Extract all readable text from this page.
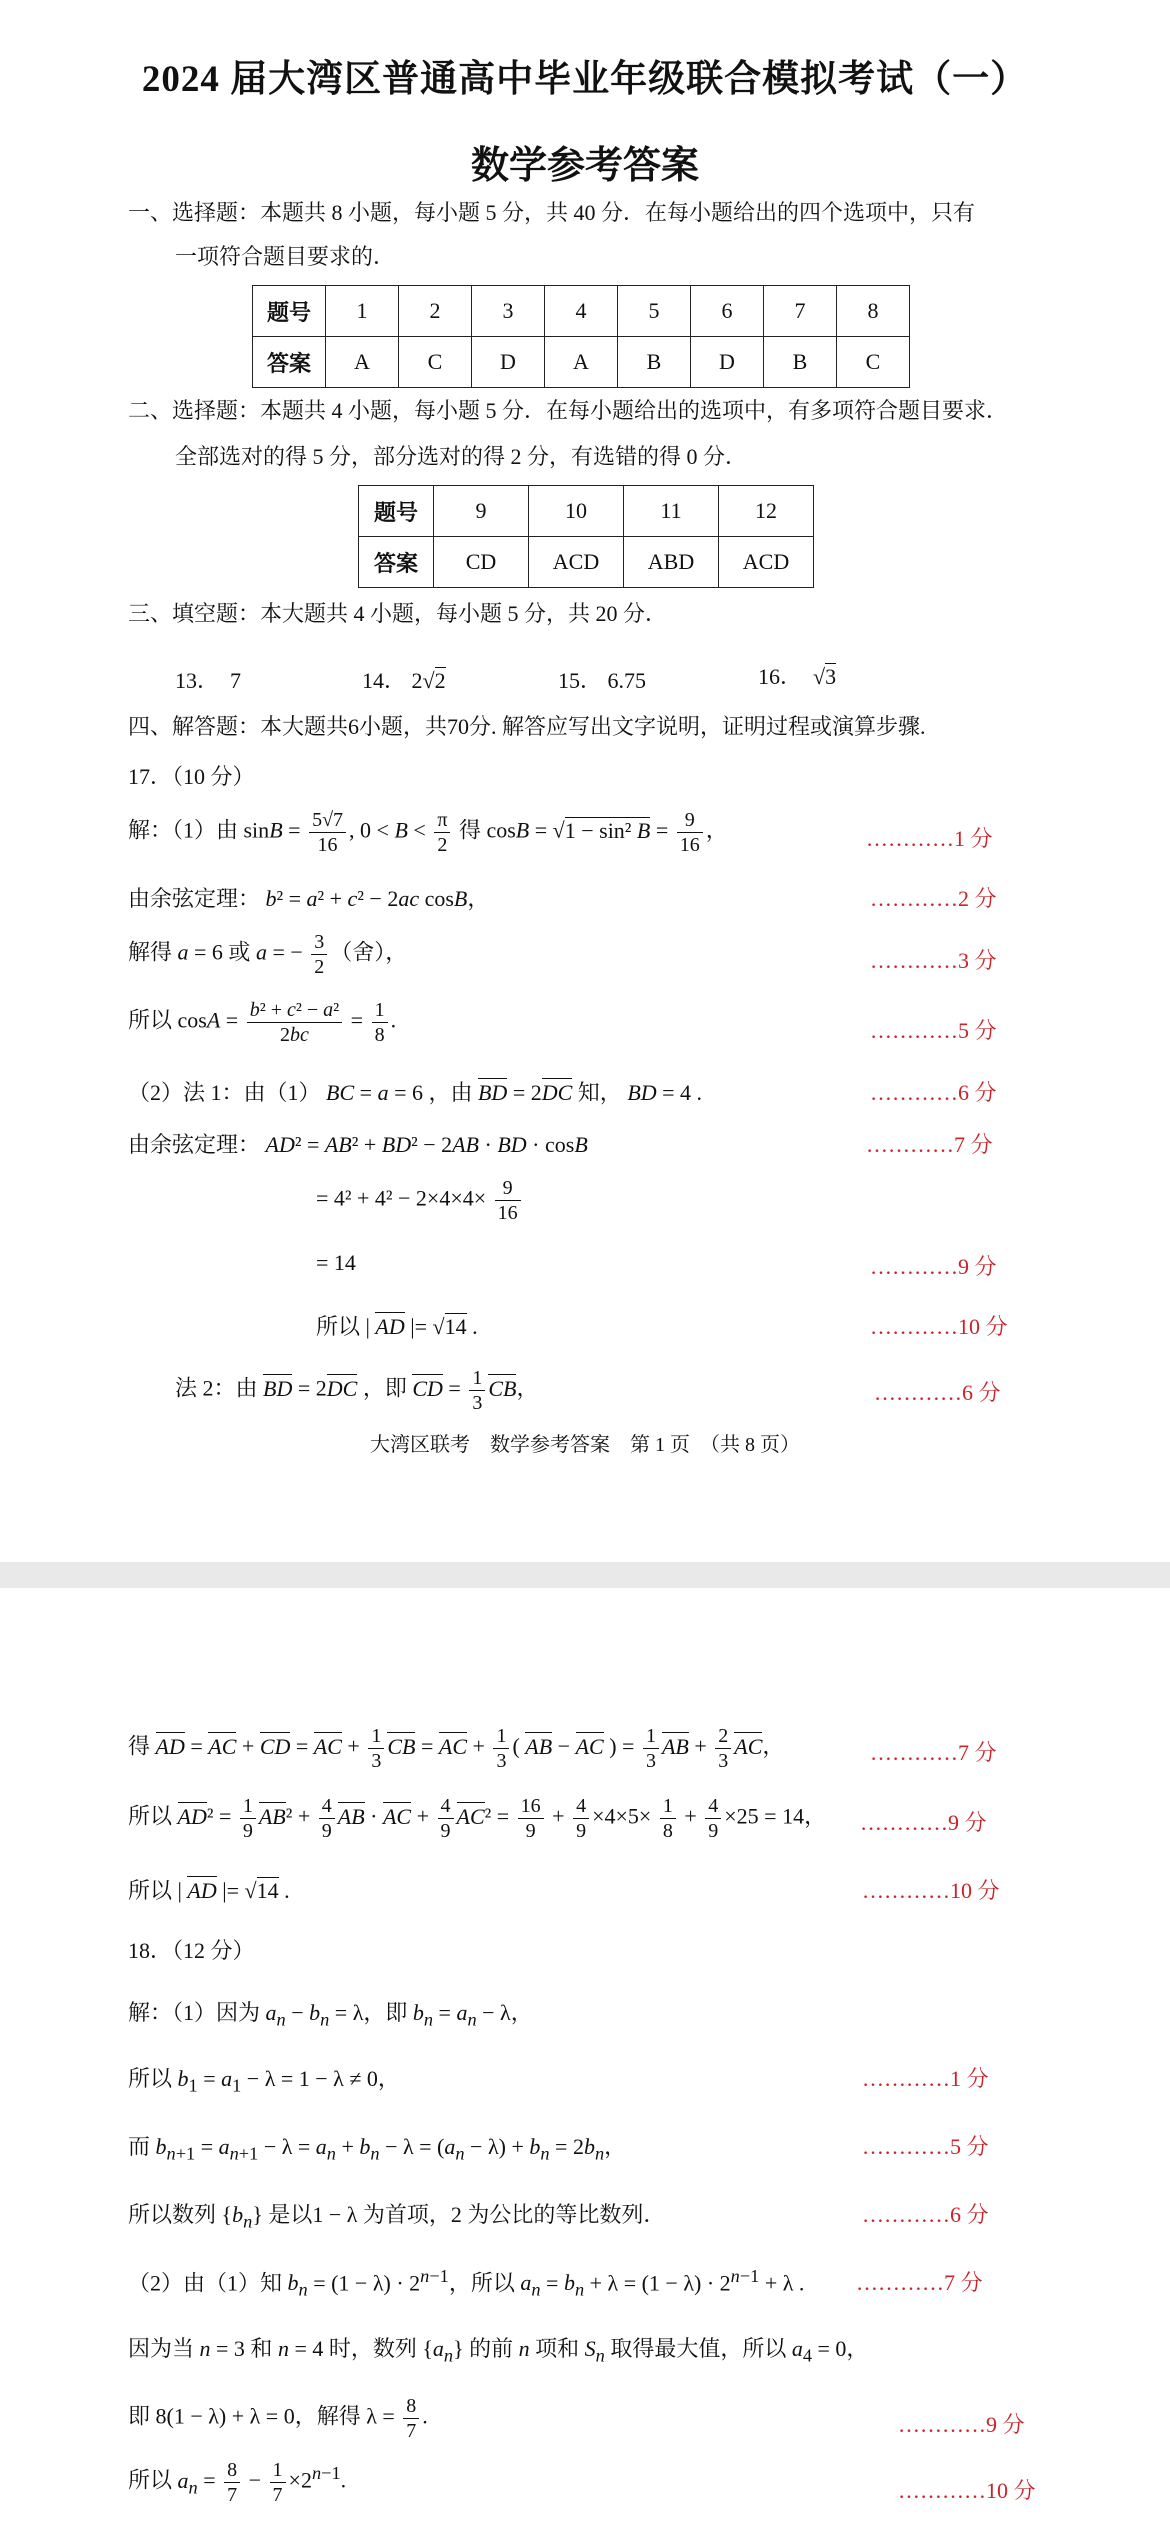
2024 届大湾区普通高中毕业年级联合模拟考试（一）
数学参考答案
一、选择题：本题共 8 小题，每小题 5 分，共 40 分．在每小题给出的四个选项中，只有
一项符合题目要求的．
题号	1	2	3	4	5	6	7	8
答案	A	C	D	A	B	D	B	C
二、选择题：本题共 4 小题，每小题 5 分．在每小题给出的选项中，有多项符合题目要求．
全部选对的得 5 分，部分选对的得 2 分，有选错的得 0 分．
题号	9	10	11	12
答案	CD	ACD	ABD	ACD
三、填空题：本大题共 4 小题，每小题 5 分，共 20 分．
13． 7	14． 2√2	15． 6.75	16．  √3
四、解答题：本大题共6小题，共70分. 解答应写出文字说明，证明过程或演算步骤.
17．（10 分）
解：（1）由 $\sin B = \frac{5√7}{16}$ , $0 < B < \frac{\pi}{2}$ 得 cosB = √1 − sin² $B = \frac{9}{16}$ ，	…………1 分
由余弦定理： b² = a² + c² − 2ac cosB，	…………2 分
解得 a = 6 或 a = − $\frac{3}{2}$ （舍），	…………3 分
所以 $\cos A = \frac{\text{b² + c² − a²}}{2bc} = \frac{1}{8}$ .	…………5 分
（2）法 1：由（1） BC = a = 6 ，由 BD = 2DC 知， BD = 4 .	…………6 分
由余弦定理： AD² = AB² + BD² − 2AB · BD · cosB	…………7 分
= $4^2 + 4^2 - 2\times 4\times 4\times \frac{9}{16}$
= 14	…………9 分
所以 | AD |= √14 .	…………10 分
法 2：由 BD = 2DC ，即 CD = $\frac{1}{3}$ CB，	…………6 分
大湾区联考　数学参考答案　第 1 页　（共 8 页）
得 AD = AC + CD = AC + $\frac{1}{3}$ CB = AC + $\frac{1}{3}$ ( AB − AC ) = $\frac{1}{3}$ AB + $\frac{2}{3}$ AC，	…………7 分
所以 $AD^2 = \frac{1}{9} AB^2 + \frac{4}{9}$ AB · AC + $\frac{4}{9} AC^2 = \frac{16}{9} + \frac{4}{9} \times 4\times 5\times \frac{1}{8} + \frac{4}{9} \times 25 = 14$， …………9 分
所以 | AD |= √14 .	…………10 分
18．（12 分）
解：（1）因为 $a_n - b_n = \lambda$，即 $b_n = a_n - \lambda$，
所以 $b_1 = a_1 - \lambda = 1 - \lambda \ne 0$，	…………1 分
而 $b_{n+1} = a_{n+1} - \lambda = a_n + b_n - \lambda = (a_n - \lambda) + b_n = 2b_n$，	…………5 分
所以数列 $\{b_n\}$ 是以1 − λ 为首项，2 为公比的等比数列．	…………6 分
（2）由（1）知 $b_n = (1 - \lambda) \cdot 2^{n-1}$，所以 $a_n = b_n + \lambda = (1 - \lambda) \cdot 2^{n-1} + \lambda$ . …………7 分
因为当 n = 3 和 n = 4 时，数列 $\{a_n\}$ 的前 n 项和 $S_n$ 取得最大值，所以 $a_4 = 0$，
即 8(1 − λ) + λ = 0，解得 $\lambda = \frac{8}{7}$ .	…………9 分
所以 $a_n = \frac{8}{7} - \frac{1}{7} \times 2^{n-1}$.	…………10 分
